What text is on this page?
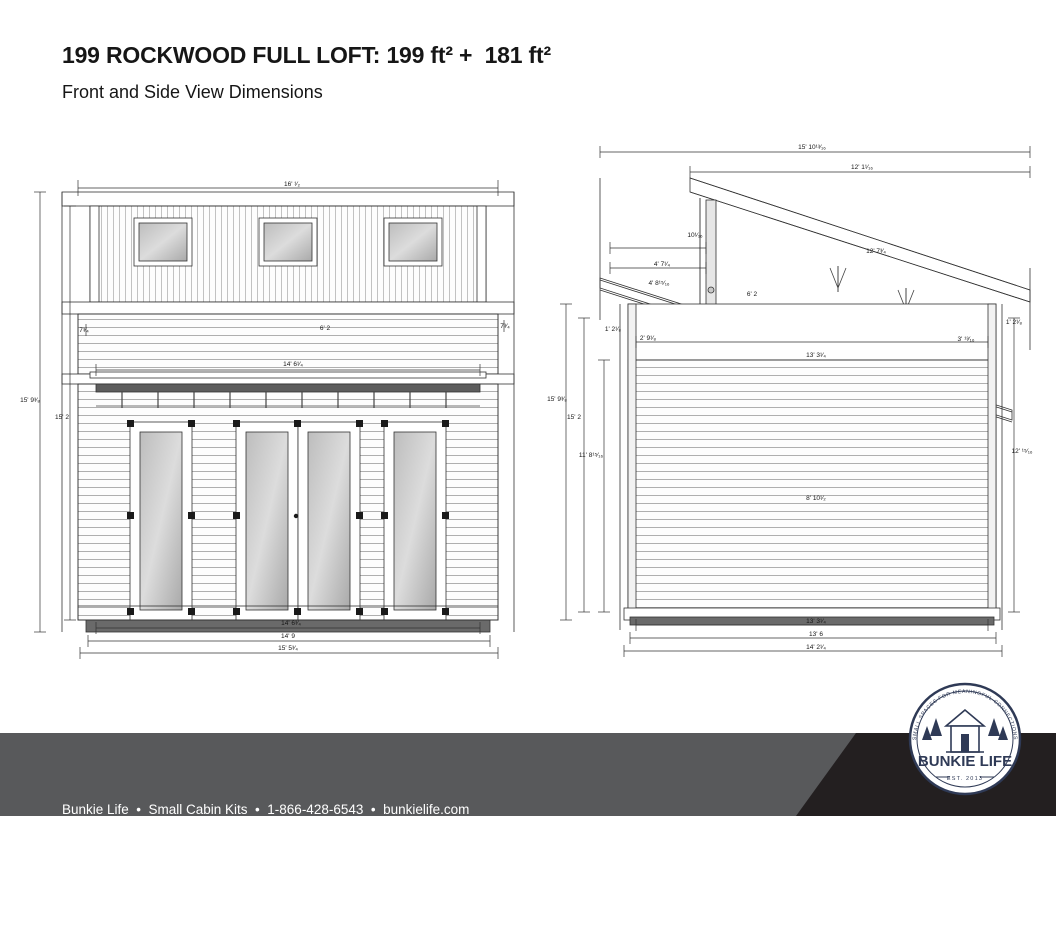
199 ROCKWOOD FULL LOFT: 199 ft² +  181 ft²
Front and Side View Dimensions
16' ¹⁄₂
7³⁄₄
7³⁄₄
6' 2
14' 6¹⁄₄
15' 9³⁄₈
15' 2
14' 6³⁄₄
14' 9
15' 5³⁄₄
15' 10¹³⁄₁₆
12' 1¹⁄₁₆
12' 7³⁄₄
10¹⁄₁₆
4' 7¹⁄₄
4' 8¹⁵⁄₁₆
6' 2
1' 2¹⁄₈
1' 2¹⁄₈
2' 9¹⁄₈	3' ¹³⁄₁₆
13' 3¹⁄₄
15' 9³⁄₈
15' 2
11' 8¹⁵⁄₁₆
12' ¹⁵⁄₁₆
8' 10¹⁄₂
13' 3¹⁄₄
13' 6
14' 2¹⁄₄

Bunkie Life  •  Small Cabin Kits  •  1-866-428-6543  •  bunkielife.com

As Seen on Dragons Den & HGTV  •  Shipping in Canada & USA

SMALL SPACES FOR MEANINGFUL CONNECTIONS
BUNKIE LIFE
EST. 2013
